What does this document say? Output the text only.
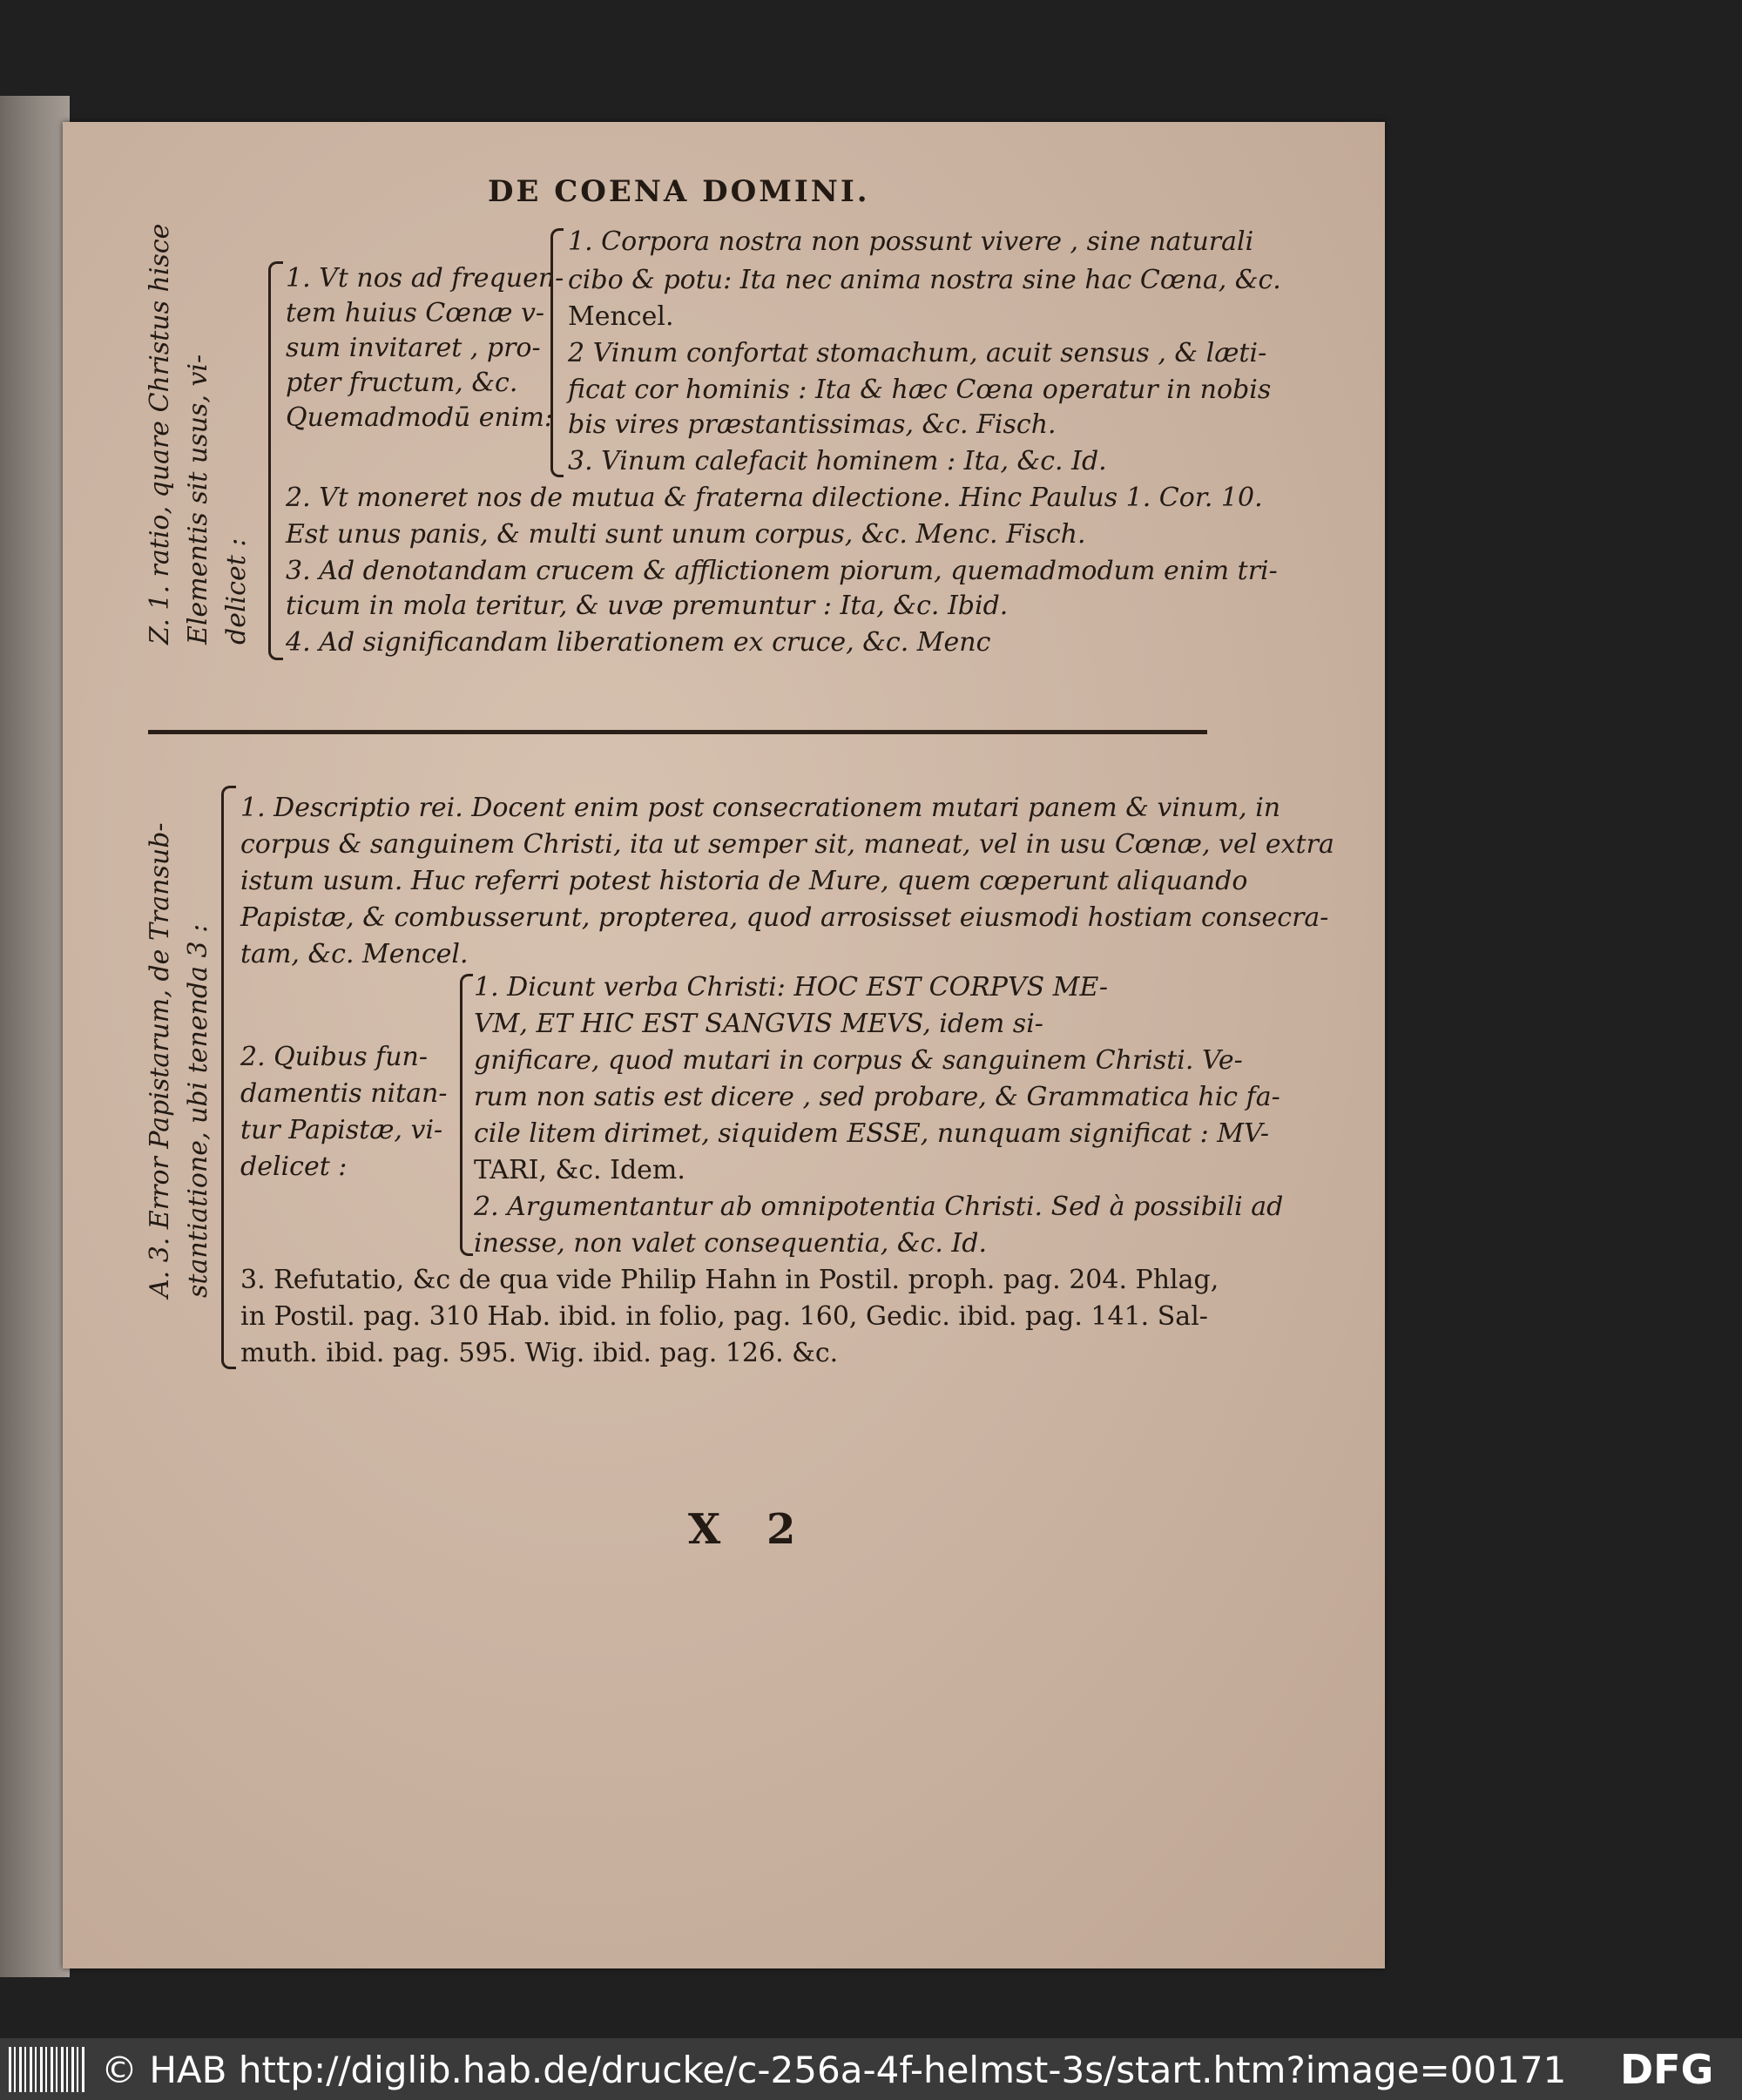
DE COENA DOMINI.
Z. 1. ratio, quare Christus hisce Elementis sit usus, vi- delicet :
1. Vt nos ad frequen-
tem huius Cœnæ v-
sum invitaret , pro-
pter fructum, &c.
Quemadmodū enim:
1. Corpora nostra non possunt vivere , sine naturali
cibo & potu: Ita nec anima nostra sine hac Cœna, &c.
Mencel.
2 Vinum confortat stomachum, acuit sensus , & læti-
ficat cor hominis : Ita & hæc Cœna operatur in nobis
bis vires præstantissimas, &c. Fisch.
3. Vinum calefacit hominem : Ita, &c. Id.
2. Vt moneret nos de mutua & fraterna dilectione. Hinc Paulus 1. Cor. 10.
Est unus panis, & multi sunt unum corpus, &c. Menc. Fisch.
3. Ad denotandam crucem & afflictionem piorum, quemadmodum enim tri-
ticum in mola teritur, & uvæ premuntur : Ita, &c. Ibid.
4. Ad significandam liberationem ex cruce, &c. Menc
A. 3. Error Papistarum, de Transub- stantiatione, ubi tenenda 3 :
1. Descriptio rei. Docent enim post consecrationem mutari panem & vinum, in
corpus & sanguinem Christi, ita ut semper sit, maneat, vel in usu Cœnæ, vel extra
istum usum. Huc referri potest historia de Mure, quem cœperunt aliquando
Papistæ, & combusserunt, propterea, quod arrosisset eiusmodi hostiam consecra-
tam, &c. Mencel.
2. Quibus fun-
damentis nitan-
tur Papistæ, vi-
delicet :
1. Dicunt verba Christi: HOC EST CORPVS ME-
VM, ET HIC EST SANGVIS MEVS, idem si-
gnificare, quod mutari in corpus & sanguinem Christi. Ve-
rum non satis est dicere , sed probare, & Grammatica hic fa-
cile litem dirimet, siquidem ESSE, nunquam significat : MV-
TARI, &c. Idem.
2. Argumentantur ab omnipotentia Christi. Sed à possibili ad
inesse, non valet consequentia, &c. Id.
3. Refutatio, &c de qua vide Philip Hahn in Postil. proph. pag. 204. Phlag,
in Postil. pag. 310 Hab. ibid. in folio, pag. 160, Gedic. ibid. pag. 141. Sal-
muth. ibid. pag. 595. Wig. ibid. pag. 126. &c.
X 2
© HAB http://diglib.hab.de/drucke/c-256a-4f-helmst-3s/start.htm?image=00171	DFG
